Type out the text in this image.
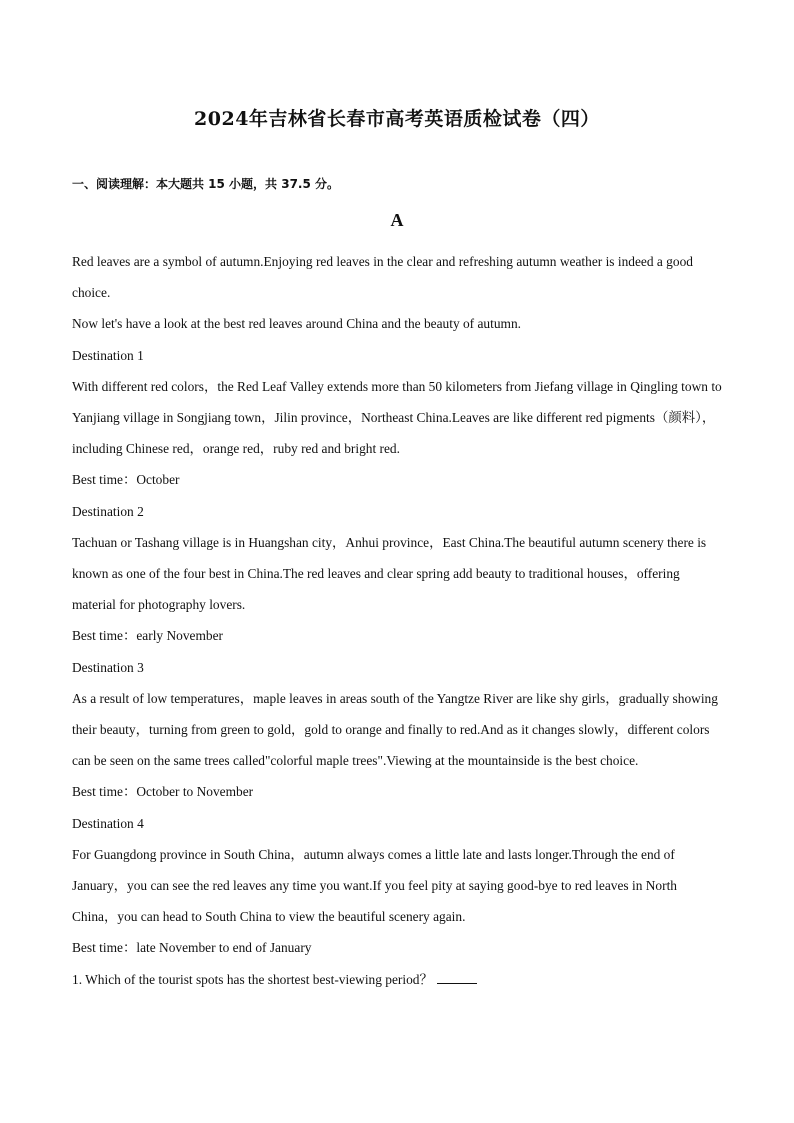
2024年吉林省长春市高考英语质检试卷（四）
一、阅读理解：本大题共 15 小题，共 37.5 分。
A

Red leaves are a symbol of autumn.Enjoying red leaves in the clear and refreshing autumn weather is indeed a good choice.

Now let's have a look at the best red leaves around China and the beauty of autumn.

Destination 1

With different red colors，the Red Leaf Valley extends more than 50 kilometers from Jiefang village in Qingling town to Yanjiang village in Songjiang town，Jilin province，Northeast China.Leaves are like different red pigments（颜料），including Chinese red，orange red，ruby red and bright red.

Best time：October

Destination 2

Tachuan or Tashang village is in Huangshan city，Anhui province，East China.The beautiful autumn scenery there is known as one of the four best in China.The red leaves and clear spring add beauty to traditional houses，offering material for photography lovers.

Best time：early November

Destination 3

As a result of low temperatures，maple leaves in areas south of the Yangtze River are like shy girls，gradually showing their beauty，turning from green to gold，gold to orange and finally to red.And as it changes slowly，different colors can be seen on the same trees called"colorful maple trees".Viewing at the mountainside is the best choice.

Best time：October to November

Destination 4

For Guangdong province in South China，autumn always comes a little late and lasts longer.Through the end of January，you can see the red leaves any time you want.If you feel pity at saying good-bye to red leaves in North China，you can head to South China to view the beautiful scenery again.

Best time：late November to end of January

1. Which of the tourist spots has the shortest best-viewing period？
